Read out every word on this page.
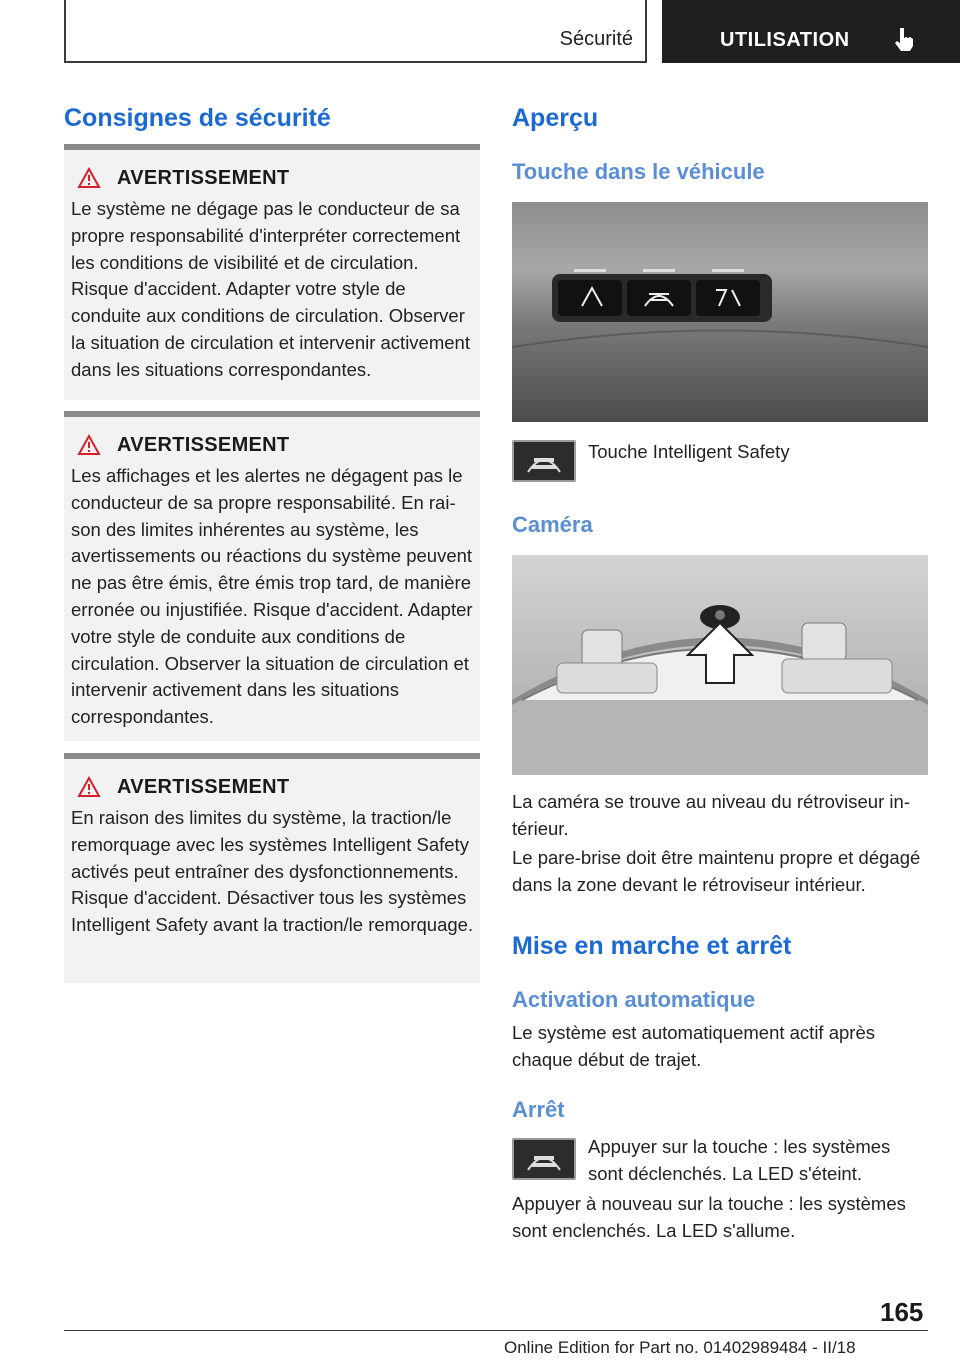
Sécurité	UTILISATION
Consignes de sécurité
AVERTISSEMENT

Le système ne dégage pas le conducteur de sa propre responsabilité d'interpréter correctement les conditions de visibilité et de circulation. Risque d'accident. Adapter votre style de conduite aux conditions de circulation. Observer la situation de circulation et intervenir activement dans les situations correspondantes.

AVERTISSEMENT

Les affichages et les alertes ne dégagent pas le conducteur de sa propre responsabilité. En raison des limites inhérentes au système, les avertissements ou réactions du système peuvent ne pas être émis, être émis trop tard, de manière erronée ou injustifiée. Risque d'accident. Adapter votre style de conduite aux conditions de circulation. Observer la situation de circulation et intervenir activement dans les situations correspondantes.

AVERTISSEMENT

En raison des limites du système, la traction/le remorquage avec les systèmes Intelligent Safety activés peut entraîner des dysfonctionnements. Risque d'accident. Désactiver tous les systèmes Intelligent Safety avant la traction/le remorquage.

Aperçu
Touche dans le véhicule

Touche Intelligent Safety

Caméra

La caméra se trouve au niveau du rétroviseur intérieur.

Le pare-brise doit être maintenu propre et dégagé dans la zone devant le rétroviseur intérieur.

Mise en marche et arrêt
Activation automatique

Le système est automatiquement actif après chaque début de trajet.

Arrêt

Appuyer sur la touche : les systèmes sont déclenchés. La LED s'éteint.

Appuyer à nouveau sur la touche : les systèmes sont enclenchés. La LED s'allume.

165
Online Edition for Part no. 01402989484 - II/18
